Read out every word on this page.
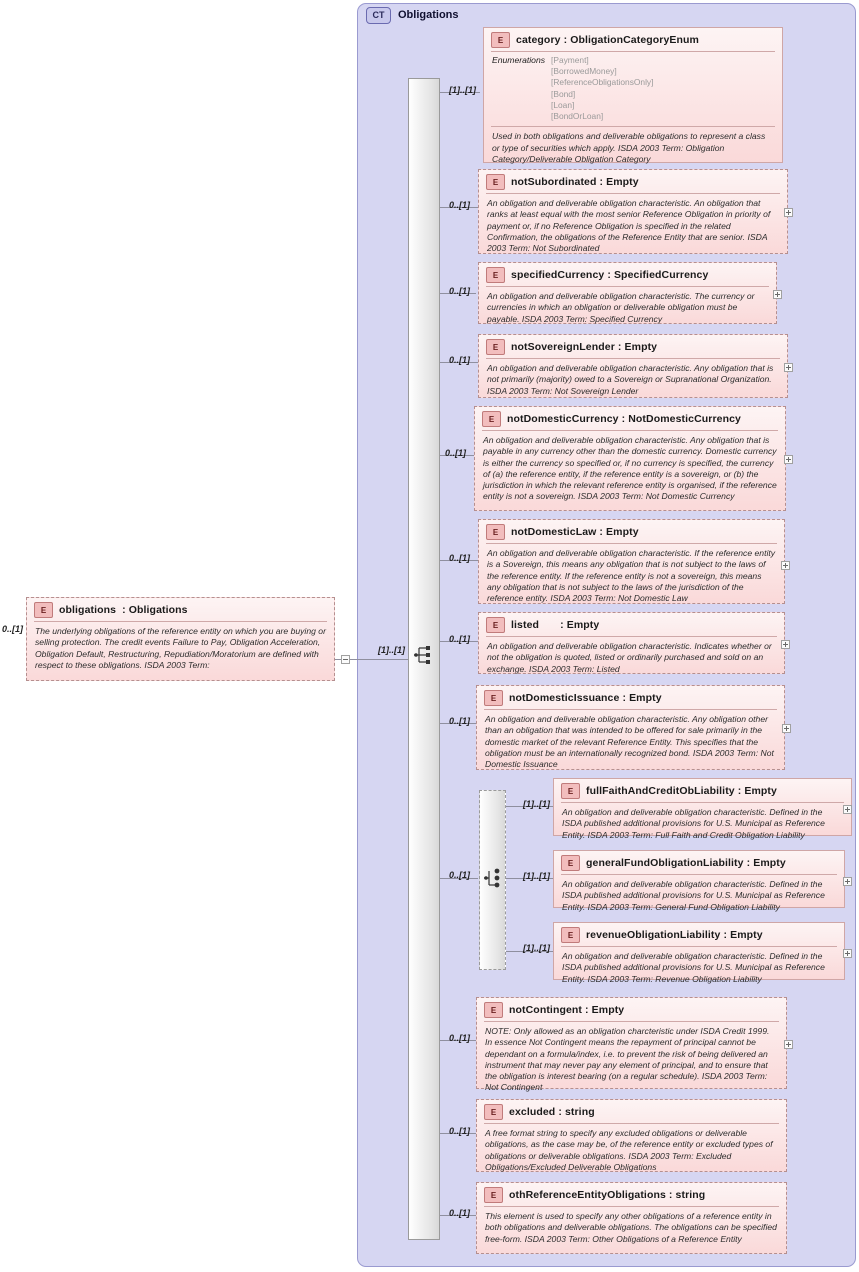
CT	Obligations
E	obligations  : Obligations
The underlying obligations of the reference entity on which you are buying or selling protection. The credit events Failure to Pay, Obligation Acceleration, Obligation Default, Restructuring, Repudiation/Moratorium are defined with respect to these obligations. ISDA 2003 Term:
0..[1]
[1]..[1]
E	category : ObligationCategoryEnum
Enumerations [Payment]
[BorrowedMoney]
[ReferenceObligationsOnly]
[Bond]
[Loan]
[BondOrLoan]
Used in both obligations and deliverable obligations to represent a class or type of securities which apply. ISDA 2003 Term: Obligation Category/Deliverable Obligation Category
[1]..[1]
E	notSubordinated : Empty
An obligation and deliverable obligation characteristic. An obligation that ranks at least equal with the most senior Reference Obligation in priority of payment or, if no Reference Obligation is specified in the related Confirmation, the obligations of the Reference Entity that are senior. ISDA 2003 Term: Not Subordinated
0..[1]
E	specifiedCurrency : SpecifiedCurrency
An obligation and deliverable obligation characteristic. The currency or currencies in which an obligation or deliverable obligation must be payable. ISDA 2003 Term: Specified Currency
0..[1]
E	notSovereignLender : Empty
An obligation and deliverable obligation characteristic. Any obligation that is not primarily (majority) owed to a Sovereign or Supranational Organization. ISDA 2003 Term: Not Sovereign Lender
0..[1]
E	notDomesticCurrency : NotDomesticCurrency
An obligation and deliverable obligation characteristic. Any obligation that is payable in any currency other than the domestic currency. Domestic currency is either the currency so specified or, if no currency is specified, the currency of (a) the reference entity, if the reference entity is a sovereign, or (b) the jurisdiction in which the relevant reference entity is organised, if the reference entity is not a sovereign. ISDA 2003 Term: Not Domestic Currency
0..[1]
E	notDomesticLaw : Empty
An obligation and deliverable obligation characteristic. If the reference entity is a Sovereign, this means any obligation that is not subject to the laws of the reference entity. If the reference entity is not a sovereign, this means any obligation that is not subject to the laws of the jurisdiction of the reference entity. ISDA 2003 Term: Not Domestic Law
0..[1]
E	listed       : Empty
An obligation and deliverable obligation characteristic. Indicates whether or not the obligation is quoted, listed or ordinarily purchased and sold on an exchange. ISDA 2003 Term: Listed
0..[1]
E	notDomesticIssuance : Empty
An obligation and deliverable obligation characteristic. Any obligation other than an obligation that was intended to be offered for sale primarily in the domestic market of the relevant Reference Entity. This specifies that the obligation must be an internationally recognized bond. ISDA 2003 Term: Not Domestic Issuance
0..[1]
0..[1]
E	fullFaithAndCreditObLiability : Empty
An obligation and deliverable obligation characteristic. Defined in the ISDA published additional provisions for U.S. Municipal as Reference Entity. ISDA 2003 Term: Full Faith and Credit Obligation Liability
[1]..[1]
E	generalFundObligationLiability : Empty
An obligation and deliverable obligation characteristic. Defined in the ISDA published additional provisions for U.S. Municipal as Reference Entity. ISDA 2003 Term: General Fund Obligation Liability
[1]..[1]
E	revenueObligationLiability : Empty
An obligation and deliverable obligation characteristic. Defined in the ISDA published additional provisions for U.S. Municipal as Reference Entity. ISDA 2003 Term: Revenue Obligation Liability
[1]..[1]
E	notContingent : Empty
NOTE: Only allowed as an obligation charcteristic under ISDA Credit 1999. In essence Not Contingent means the repayment of principal cannot be dependant on a formula/index, i.e. to prevent the risk of being delivered an instrument that may never pay any element of principal, and to ensure that the obligation is interest bearing (on a regular schedule). ISDA 2003 Term: Not Contingent
0..[1]
E	excluded : string
A free format string to specify any excluded obligations or deliverable obligations, as the case may be, of the reference entity or excluded types of obligations or deliverable obligations. ISDA 2003 Term: Excluded Obligations/Excluded Deliverable Obligations
0..[1]
E	othReferenceEntityObligations : string
This element is used to specify any other obligations of a reference entity in both obligations and deliverable obligations. The obligations can be specified free-form. ISDA 2003 Term: Other Obligations of a Reference Entity
0..[1]
